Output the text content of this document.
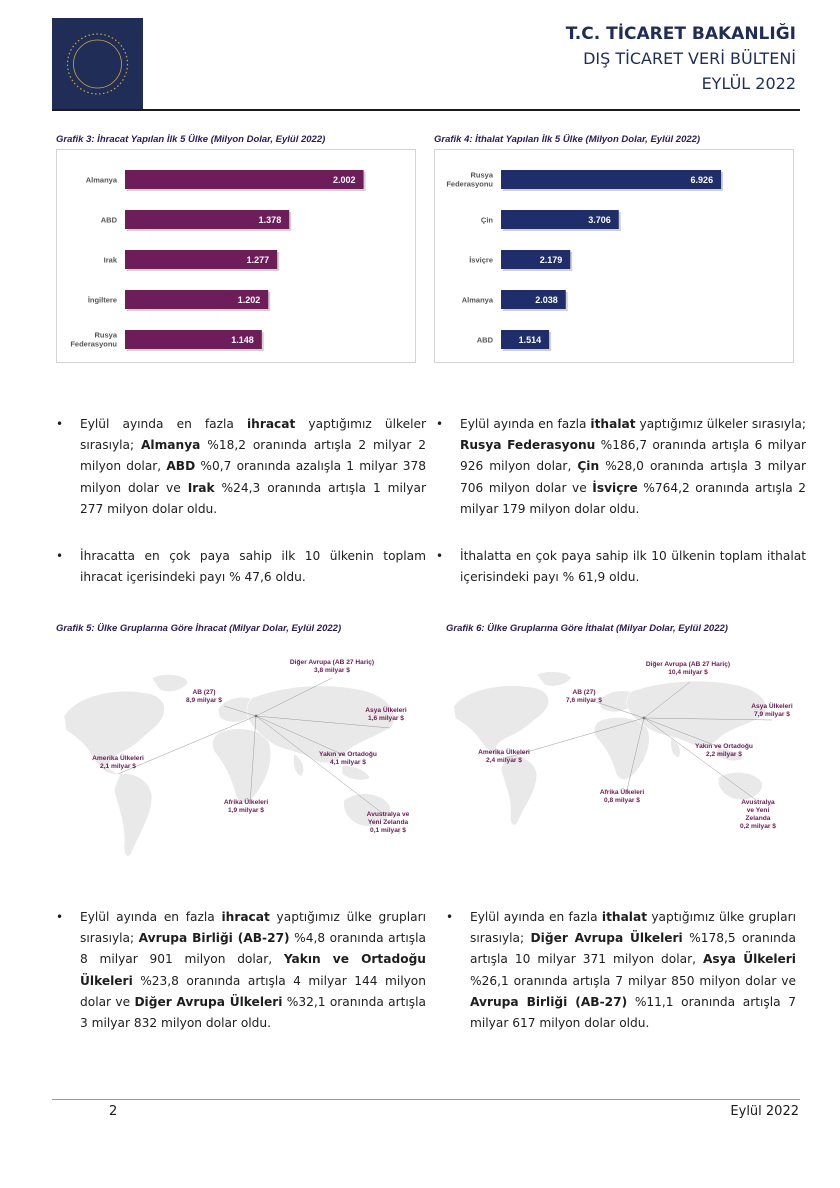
T.C. TİCARET BAKANLIĞI
DIŞ TİCARET VERİ BÜLTENİ
EYLÜL 2022
Grafik 3: İhracat Yapılan İlk 5 Ülke (Milyon Dolar, Eylül 2022)
2.002
Almanya
1.378
ABD
1.277
Irak
1.202
İngiltere
1.148
Rusya Federasyonu
Grafik 4: İthalat Yapılan İlk 5 Ülke (Milyon Dolar, Eylül 2022)
6.926
Rusya Federasyonu
3.706
Çin
2.179
İsviçre
2.038
Almanya
1.514
ABD
• Eylül ayında en fazla ihracat yaptığımız ülkeler sırasıyla; Almanya %18,2 oranında artışla 2 milyar 2 milyon dolar, ABD %0,7 oranında azalışla 1 milyar 378 milyon dolar ve Irak %24,3 oranında artışla 1 milyar 277 milyon dolar oldu.
• İhracatta en çok paya sahip ilk 10 ülkenin toplam ihracat içerisindeki payı % 47,6 oldu.
• Eylül ayında en fazla ithalat yaptığımız ülkeler sırasıyla; Rusya Federasyonu %186,7 oranında artışla 6 milyar 926 milyon dolar, Çin %28,0 oranında artışla 3 milyar 706 milyon dolar ve İsviçre %764,2 oranında artışla 2 milyar 179 milyon dolar oldu.
• İthalatta en çok paya sahip ilk 10 ülkenin toplam ithalat içerisindeki payı % 61,9 oldu.
Grafik 5: Ülke Gruplarına Göre İhracat (Milyar Dolar, Eylül 2022)
Diğer Avrupa (AB 27 Hariç) 3,8 milyar $
AB (27) 8,9 milyar $
Asya Ülkeleri 1,6 milyar $
Amerika Ülkeleri 2,1 milyar $
Yakın ve Ortadoğu 4,1 milyar $
Afrika Ülkeleri 1,9 milyar $
Avustralya ve Yeni Zelanda 0,1 milyar $
Grafik 6: Ülke Gruplarına Göre İthalat (Milyar Dolar, Eylül 2022)
Diğer Avrupa (AB 27 Hariç) 10,4 milyar $
AB (27) 7,6 milyar $
Asya Ülkeleri 7,9 milyar $
Amerika Ülkeleri 2,4 milyar $
Yakın ve Ortadoğu 2,2 milyar $
Afrika Ülkeleri 0,8 milyar $	Avustralya ve Yeni Zelanda 0,2 milyar $
• Eylül ayında en fazla ihracat yaptığımız ülke grupları sırasıyla; Avrupa Birliği (AB-27) %4,8 oranında artışla 8 milyar 901 milyon dolar, Yakın ve Ortadoğu Ülkeleri %23,8 oranında artışla 4 milyar 144 milyon dolar ve Diğer Avrupa Ülkeleri %32,1 oranında artışla 3 milyar 832 milyon dolar oldu.
• Eylül ayında en fazla ithalat yaptığımız ülke grupları sırasıyla; Diğer Avrupa Ülkeleri %178,5 oranında artışla 10 milyar 371 milyon dolar, Asya Ülkeleri %26,1 oranında artışla 7 milyar 850 milyon dolar ve Avrupa Birliği (AB-27) %11,1 oranında artışla 7 milyar 617 milyon dolar oldu.
2	Eylül 2022
